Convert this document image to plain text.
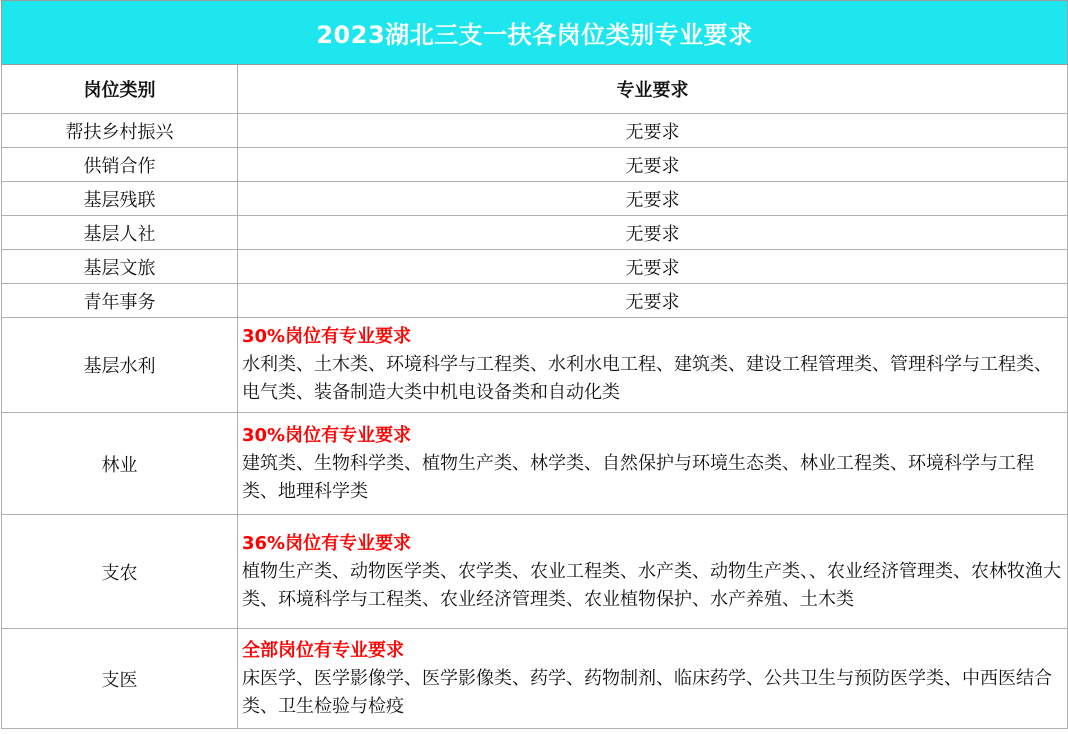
2023湖北三支一扶各岗位类别专业要求	
岗位类别	专业要求
帮扶乡村振兴	无要求
供销合作	无要求
基层残联	无要求
基层人社	无要求
基层文旅	无要求
青年事务	无要求
基层水利	30%岗位有专业要求
水利类、土木类、环境科学与工程类、水利水电工程、建筑类、建设工程管理类、管理科学与工程类、电气类、装备制造大类中机电设备类和自动化类

林业	30%岗位有专业要求
建筑类、生物科学类、植物生产类、林学类、自然保护与环境生态类、林业工程类、环境科学与工程类、地理科学类

支农	36%岗位有专业要求
植物生产类、动物医学类、农学类、农业工程类、水产类、动物生产类、、农业经济管理类、农林牧渔大类、环境科学与工程类、农业经济管理类、农业植物保护、水产养殖、土木类

支医	全部岗位有专业要求
床医学、医学影像学、医学影像类、药学、药物制剂、临床药学、公共卫生与预防医学类、中西医结合类、卫生检验与检疫
